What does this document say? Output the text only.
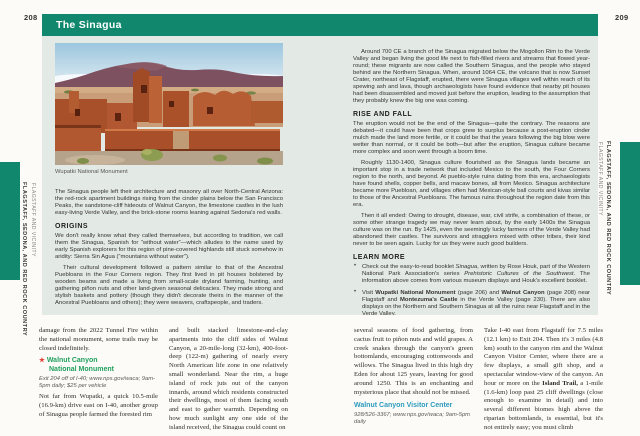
208	209
The Sinagua
Wupatki National Monument

The Sinagua people left their architecture and masonry all over North-Central Arizona: the red-rock apartment buildings rising from the cinder plains below the San Francisco Peaks, the sandstone-cliff hideouts of Walnut Canyon, the limestone castles in the lush easy-living Verde Valley, and the brick-stone rooms leaning against Sedona's red walls.

ORIGINS

We don't really know what they called themselves, but according to tradition, we call them the Sinagua, Spanish for “without water”—which alludes to the name used by early Spanish explorers for this region of pine-covered highlands still stuck somehow in aridity: Sierra Sin Agua (“mountains without water”).

Their cultural development followed a pattern similar to that of the Ancestral Puebloans in the Four Corners region. They first lived in pit houses bolstered by wooden beams and made a living from small-scale dryland farming, hunting, and gathering piñon nuts and other land-given seasonal delicacies. They made strong and stylish baskets and pottery (though they didn't decorate theirs in the manner of the Ancestral Puebloans and others); they were weavers, craftspeople, and traders.

Around 700 CE a branch of the Sinagua migrated below the Mogollon Rim to the Verde Valley and began living the good life next to fish-filled rivers and streams that flowed year-round; these migrants are now called the Southern Sinagua, and the people who stayed behind are the Northern Sinagua. When, around 1064 CE, the volcano that is now Sunset Crater, northeast of Flagstaff, erupted, there were Sinagua villages well within reach of its spewing ash and lava, though archaeologists have found evidence that nearby pit houses had been disassembled and moved just before the eruption, leading to the assumption that they probably knew the big one was coming.

RISE AND FALL

The eruption would not be the end of the Sinagua—quite the contrary. The reasons are debated—it could have been that crops grew to surplus because a post-eruption cinder mulch made the land more fertile, or it could be that the years following the big blow were wetter than normal, or it could be both—but after the eruption, Sinagua culture became more complex and soon went through a boom time.

Roughly 1130-1400, Sinagua culture flourished as the Sinagua lands became an important stop in a trade network that included Mexico to the south, the Four Corners region to the north, and beyond. At pueblo-style ruins dating from this era, archaeologists have found shells, copper bells, and macaw bones, all from Mexico. Sinagua architecture became more Puebloan, and villages often had Mexican-style ball courts and kivas similar to those of the Ancestral Puebloans. The famous ruins throughout the region date from this era.

Then it all ended: Owing to drought, disease, war, civil strife, a combination of these, or some other strange tragedy we may never learn about, by the early 1400s the Sinagua culture was on the run. By 1425, even the seemingly lucky farmers of the Verde Valley had abandoned their castles. The survivors and stragglers mixed with other tribes, their kind never to be seen again. Lucky for us they were such good builders.

LEARN MORE
• Check out the easy-to-read booklet Sinagua, written by Rose Houk, part of the Western National Park Association's series Prehistoric Cultures of the Southwest. The information above comes from various museum displays and Houk's excellent booklet.

• Visit Wupatki National Monument (page 206) and Walnut Canyon (page 208) near Flagstaff and Montezuma's Castle in the Verde Valley (page 230). There are also displays on the Northern and Southern Sinagua at all the ruins near Flagstaff and in the Verde Valley.

FLAGSTAFF, SEDONA, AND RED ROCK COUNTRY FLAGSTAFF AND VICINITY	FLAGSTAFF, SEDONA, AND RED ROCK COUNTRY
FLAGSTAFF AND VICINITY

damage from the 2022 Tunnel Fire within the national monument, some trails may be closed indefinitely.

★ Walnut Canyon
National Monument

Exit 204 off of I-40; www.nps.gov/waca; 9am-5pm daily; $25 per vehicle

Not far from Wupatki, a quick 10.5-mile (16.9-km) drive east on I-40, another group of Sinagua people farmed the forested rim

and built stacked limestone-and-clay apartments into the cliff sides of Walnut Canyon, a 20-mile-long (32-km), 400-foot-deep (122-m) gathering of nearly every North American life zone in one relatively small wonderland. Near the rim, a huge island of rock juts out of the canyon innards, around which residents constructed their dwellings, most of them facing south and east to gather warmth. Depending on how much sunlight any one side of the island received, the Sinagua could count on

several seasons of food gathering, from cactus fruit to piñon nuts and wild grapes. A creek snakes through the canyon's green bottomlands, encouraging cottonwoods and willows. The Sinagua lived in this high dry Eden for about 125 years, leaving for good around 1250. This is an enchanting and mysterious place that should not be missed.

Walnut Canyon Visitor Center

928/526-3367; www.nps.gov/waca; 9am-5pm daily

Take I-40 east from Flagstaff for 7.5 miles (12.1 km) to Exit 204. Then it's 3 miles (4.8 km) south to the canyon rim and the Walnut Canyon Visitor Center, where there are a few displays, a small gift shop, and a spectacular window-view of the canyon. An hour or more on the Island Trail, a 1-mile (1.6-km) loop past 25 cliff dwellings (close enough to examine in detail) and into several different biomes high above the riparian bottomlands, is essential, but it's not entirely easy; you must climb
